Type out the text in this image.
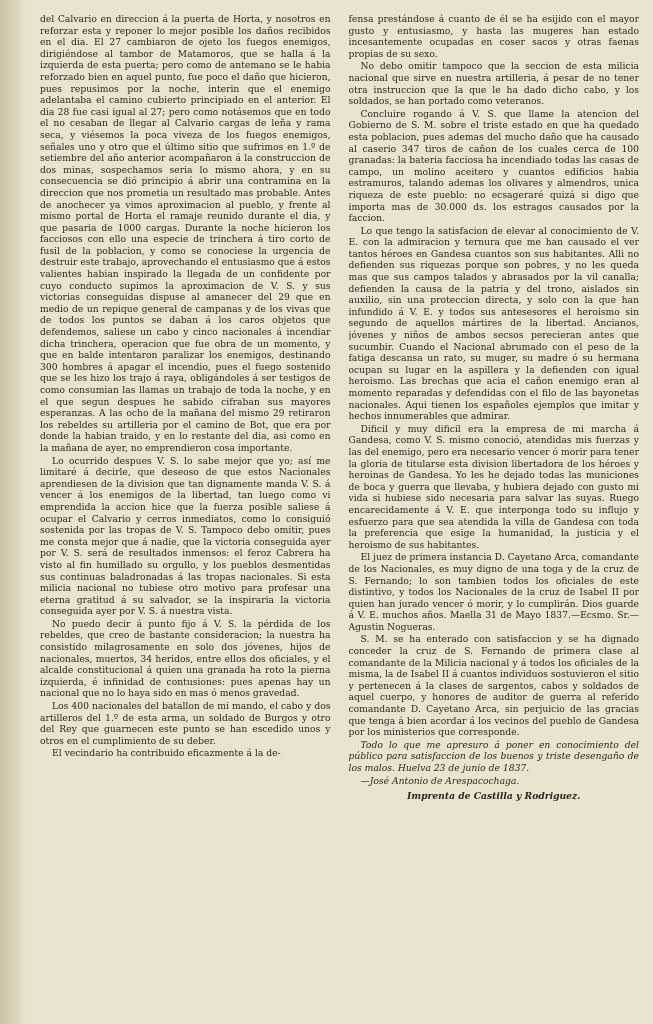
del Calvario en direccion á la puerta de Horta, y nosotros en reforzar esta y reponer lo mejor posible los daños recibidos en el dia. El 27 cambiaron de ojeto los fuegos enemigos, dirigiéndose al tambor de Matamoros, que se halla á la izquierda de esta puerta; pero como de antemano se le habia reforzado bien en aquel punto, fue poco el daño que hicieron, pues repusimos por la noche, interin que el enemigo adelantaba el camino cubierto principiado en el anterior. El dia 28 fue casi igual al 27; pero como notásemos que en todo el no cesaban de llegar al Calvario cargas de leña y rama seca, y viésemos la poca viveza de los fuegos enemigos, señales uno y otro que el último sitio que sufrimos en 1.º de setiembre del año anterior acompañaron á la construccion de dos minas, sospechamos seria lo mismo ahora, y en su consecuencia se dió principio á abrir una contramina en la direccion que nos prometia un resultado mas probable. Antes de anochecer ya vimos aproximacion al pueblo, y frente al mismo portal de Horta el ramaje reunido durante el dia, y que pasaria de 1000 cargas. Durante la noche hicieron los facciosos con ello una especie de trinchera á tiro corto de fusil de la poblacion, y como se conociese la urgencia de destruir este trabajo, aprovechando el entusiasmo que á estos valientes habian inspirado la llegada de un confidente por cuyo conducto supimos la aproximacion de V. S. y sus victorias conseguidas dispuse al amanecer del 29 que en medio de un repique general de campanas y de los vivas que de todos los puntos se daban á los caros objetos que defendemos, saliese un cabo y cinco nacionales á incendiar dicha trinchera, operacion que fue obra de un momento, y que en balde intentaron paralizar los enemigos, destinando 300 hombres á apagar el incendio, pues el fuego sostenido que se les hizo los trajo á raya, obligándoles á ser testigos de como consumian las llamas un trabajo de toda la noche, y en el que segun despues he sabido cifraban sus mayores esperanzas. A las ocho de la mañana del mismo 29 retiraron los rebeldes su artilleria por el camino de Bot, que era por donde la habian traido, y en lo restante del dia, asi como en la mañana de ayer, no emprendieron cosa importante.

Lo ocurrido despues V. S. lo sabe mejor que yo; así me limitaré á decirle, que deseoso de que estos Nacionales aprendiesen de la division que tan dignamente manda V. S. á vencer á los enemigos de la libertad, tan luego como vi emprendida la accion hice que la fuerza posible saliese á ocupar el Calvario y cerros inmediatos, como lo consiguió sostenida por las tropas de V. S. Tampoco debo omitir, pues me consta mejor que á nadie, que la victoria conseguida ayer por V. S. será de resultados inmensos: el feroz Cabrera ha visto al fin humillado su orgullo, y los pueblos desmentidas sus continuas baladronadas á las tropas nacionales. Si esta milicia nacional no tubiese otro motivo para profesar una eterna gratitud á su salvador, se la inspiraria la victoria conseguida ayer por V. S. á nuestra vista.

No puedo decir á punto fijo á V. S. la pérdida de los rebeldes, que creo de bastante consideracion; la nuestra ha consistido milagrosamente en solo dos jóvenes, hijos de nacionales, muertos, 34 heridos, entre ellos dos oficiales, y el alcalde constitucional á quien una granada ha roto la pierna izquierda, é infinidad de contusiones: pues apenas hay un nacional que no lo haya sido en mas ó menos gravedad.

Los 400 nacionales del batallon de mi mando, el cabo y dos artilleros del 1.º de esta arma, un soldado de Burgos y otro del Rey que guarnecen este punto se han escedido unos y otros en el cumplimiento de su deber.

El vecindario ha contribuido eficazmente á la de-

fensa prestándose á cuanto de él se ha esijido con el mayor gusto y entusiasmo, y hasta las mugeres han estado incesantemente ocupadas en coser sacos y otras faenas propias de su sexo.

No debo omitir tampoco que la seccion de esta milicia nacional que sirve en nuestra artilleria, á pesar de no tener otra instruccion que la que le ha dado dicho cabo, y los soldados, se han portado como veteranos.

Concluire rogando á V. S. que llame la atencion del Gobierno de S. M. sobre el triste estado en que ha quedado esta poblacion, pues ademas del mucho daño que ha causado al caserio 347 tiros de cañon de los cuales cerca de 100 granadas: la bateria facciosa ha incendiado todas las casas de campo, un molino aceitero y cuantos edificios habia estramuros, talando ademas los olivares y almendros, unica riqueza de este pueblo: no ecsageraré quizá si digo que importa mas de 30.000 ds. los estragos causados por la faccion.

Lo que tengo la satisfacion de elevar al conocimiento de V. E. con la admiracion y ternura que me han causado el ver tantos héroes en Gandesa cuantos son sus habitantes. Alli no defienden sus riquezas porque son pobres, y no les queda mas que sus campos talados y abrasados por la vil canalla; defienden la causa de la patria y del trono, aislados sin auxilio, sin una proteccion directa, y solo con la que han infundido á V. E. y todos sus antesesores el heroismo sin segundo de aquellos mártires de la libertad. Ancianos, jóvenes y niños de ambos secsos perecieran antes que sucumbir. Cuando el Nacional abrumado con el peso de la fatiga descansa un rato, su muger, su madre ó su hermana ocupan su lugar en la aspillera y la defienden con igual heroismo. Las brechas que acia el cañon enemigo eran al momento reparadas y defendidas con el filo de las bayonetas nacionales. Aqui tienen los españoles ejemplos que imitar y hechos innumerables que admirar.

Dificil y muy dificil era la empresa de mi marcha á Gandesa, como V. S. mismo conoció, atendidas mis fuerzas y las del enemigo, pero era necesario vencer ó morir para tener la gloria de titularse esta division libertadora de los héroes y heroinas de Gandesa. Yo les he dejado todas las municiones de boca y guerra que llevaba, y hubiera dejado con gusto mi vida si hubiese sido necesaria para salvar las suyas. Ruego encarecidamente á V. E. que interponga todo su influjo y esfuerzo para que sea atendida la villa de Gandesa con toda la preferencia que esige la humanidad, la justicia y el heroismo de sus habitantes.

El juez de primera instancia D. Cayetano Arca, comandante de los Nacionales, es muy digno de una toga y de la cruz de S. Fernando; lo son tambien todos los oficiales de este distintivo, y todos los Nacionales de la cruz de Isabel II por quien han jurado vencer ó morir, y lo cumplirán. Dios guarde á V. E. muchos años. Maella 31 de Mayo 1837.—Ecsmo. Sr.—Agustin Nogueras.

S. M. se ha enterado con satisfaccion y se ha dignado conceder la cruz de S. Fernando de primera clase al comandante de la Milicia nacional y á todos los oficiales de la misma, la de Isabel II á cuantos individuos sostuvieron el sitio y pertenecen á la clases de sargentos, cabos y soldados de aquel cuerpo, y honores de auditor de guerra al referido comandante D. Cayetano Arca, sin perjuicio de las gracias que tenga á bien acordar á los vecinos del pueblo de Gandesa por los ministerios que corresponde.

Todo lo que me apresuro á poner en conocimiento del público para satisfaccion de los buenos y triste desengaño de los malos. Huelva 23 de junio de 1837.

—José Antonio de Arespacochaga.

Imprenta de Castilla y Rodriguez.
